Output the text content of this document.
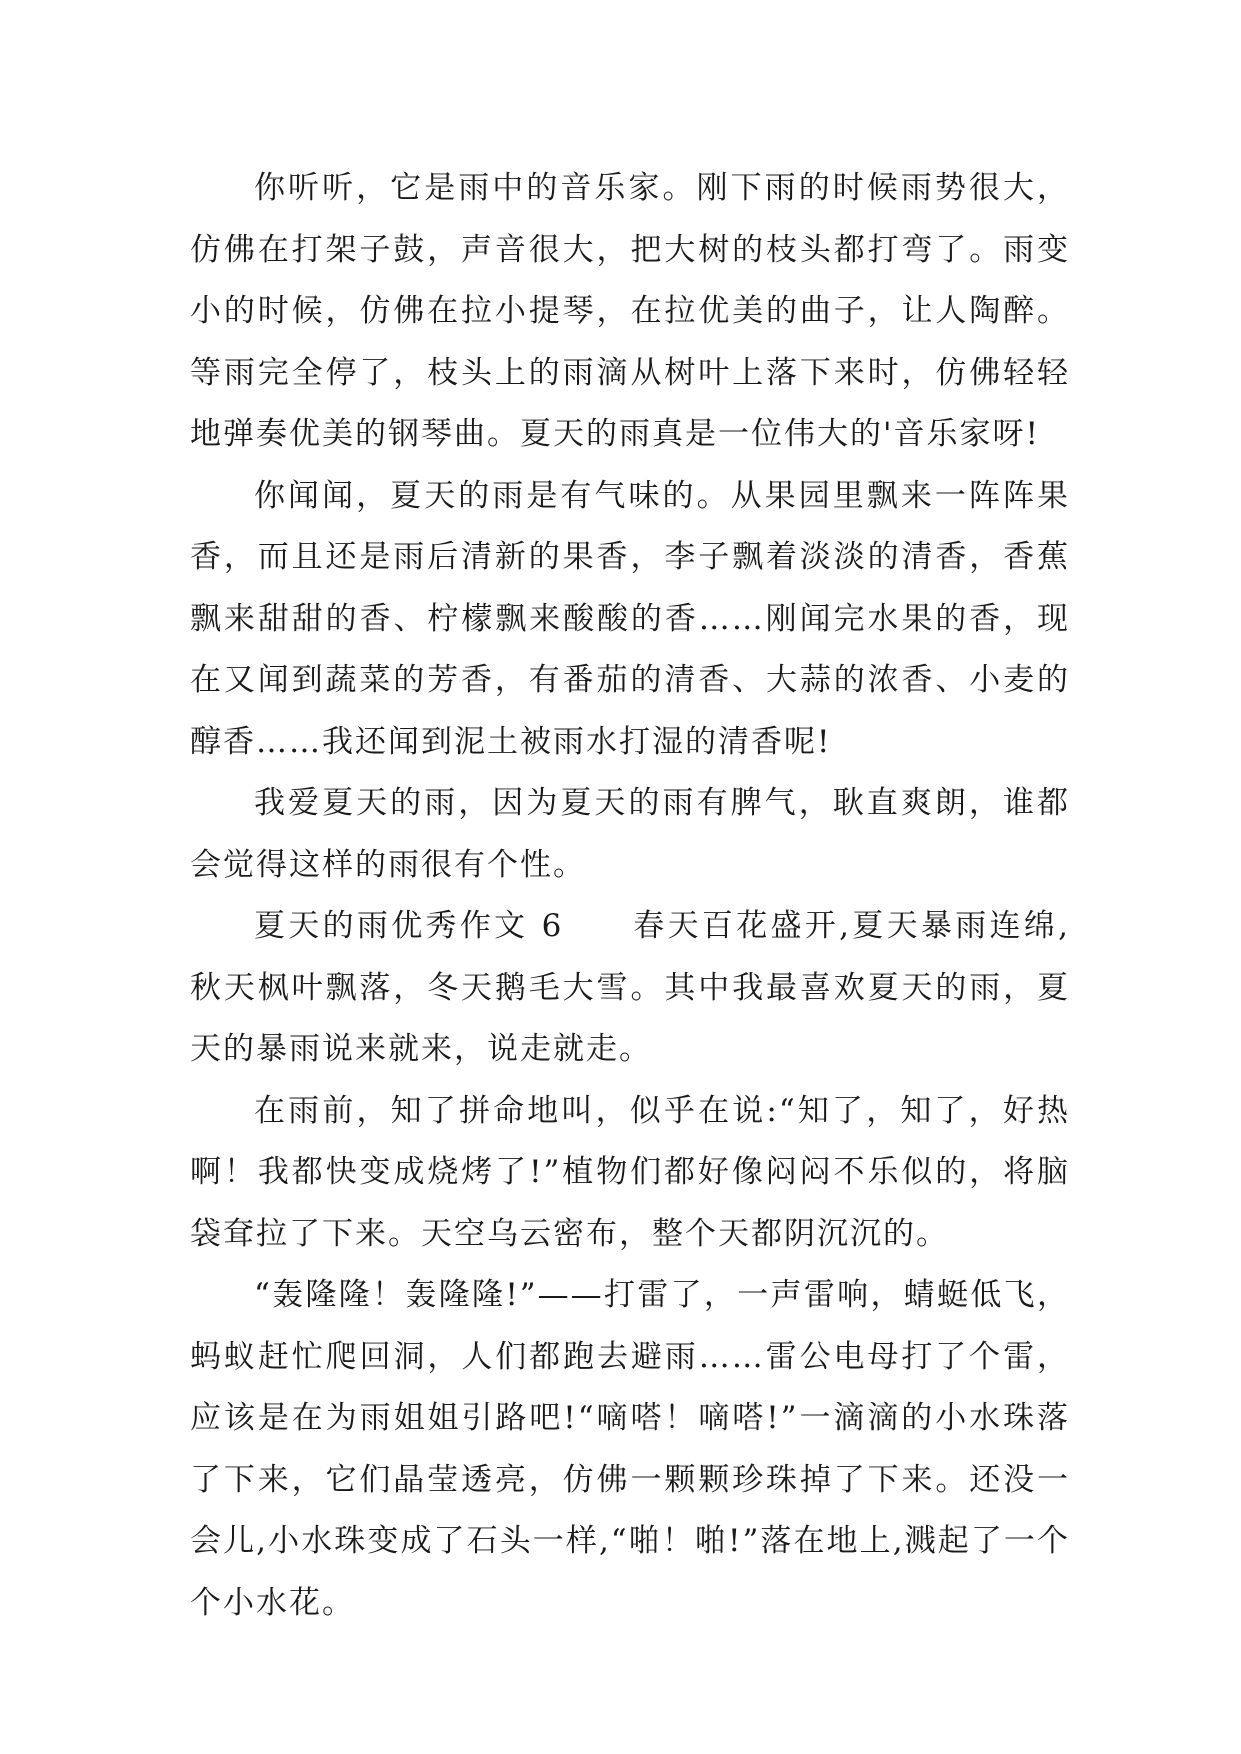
你听听，它是雨中的音乐家。刚下雨的时候雨势很大，仿佛在打架子鼓，声音很大，把大树的枝头都打弯了。雨变小的时候，仿佛在拉小提琴，在拉优美的曲子，让人陶醉。等雨完全停了，枝头上的雨滴从树叶上落下来时，仿佛轻轻地弹奏优美的钢琴曲。夏天的雨真是一位伟大的'音乐家呀!

你闻闻，夏天的雨是有气味的。从果园里飘来一阵阵果香，而且还是雨后清新的果香，李子飘着淡淡的清香，香蕉飘来甜甜的香、柠檬飘来酸酸的香……刚闻完水果的香，现在又闻到蔬菜的芳香，有番茄的清香、大蒜的浓香、小麦的醇香……我还闻到泥土被雨水打湿的清香呢!

我爱夏天的雨，因为夏天的雨有脾气，耿直爽朗，谁都会觉得这样的雨很有个性。

夏天的雨优秀作文 6　　春天百花盛开,夏天暴雨连绵,秋天枫叶飘落，冬天鹅毛大雪。其中我最喜欢夏天的雨，夏天的暴雨说来就来，说走就走。

在雨前，知了拼命地叫，似乎在说:“知了，知了，好热啊！我都快变成烧烤了!”植物们都好像闷闷不乐似的，将脑袋耷拉了下来。天空乌云密布，整个天都阴沉沉的。

“轰隆隆！轰隆隆!”——打雷了，一声雷响，蜻蜓低飞，蚂蚁赶忙爬回洞，人们都跑去避雨……雷公电母打了个雷，应该是在为雨姐姐引路吧!“嘀嗒！嘀嗒!”一滴滴的小水珠落了下来，它们晶莹透亮，仿佛一颗颗珍珠掉了下来。还没一会儿,小水珠变成了石头一样,“啪！啪!”落在地上,溅起了一个个小水花。
